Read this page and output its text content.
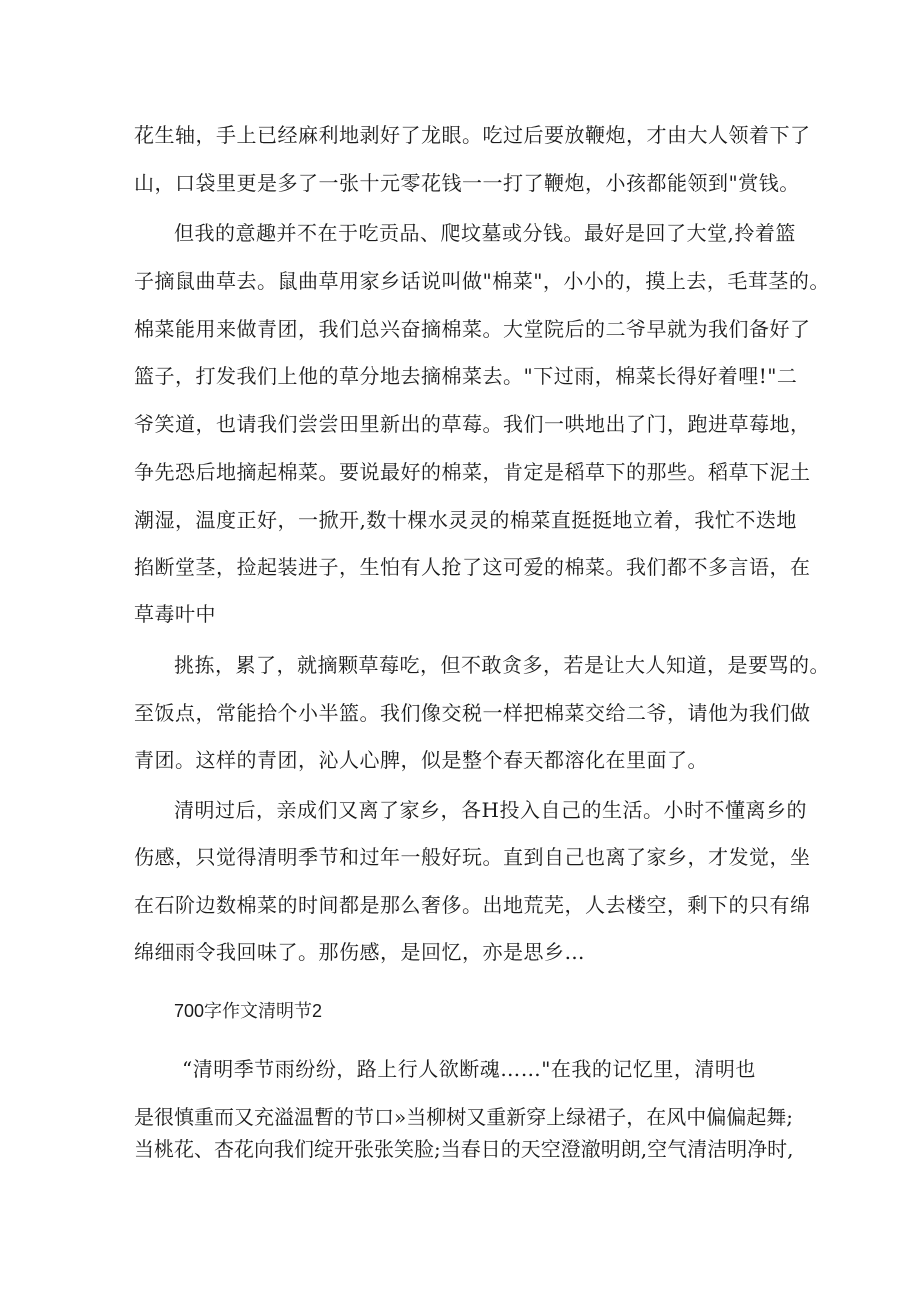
花生轴，手上已经麻利地剥好了龙眼。吃过后要放鞭炮，才由大人领着下了
山，口袋里更是多了一张十元零花钱一一打了鞭炮，小孩都能领到"赏钱。
但我的意趣并不在于吃贡品、爬坟墓或分钱。最好是回了大堂,拎着篮
子摘鼠曲草去。鼠曲草用家乡话说叫做"棉菜"，小小的，摸上去，毛茸茎的。
棉菜能用来做青团，我们总兴奋摘棉菜。大堂院后的二爷早就为我们备好了
篮子，打发我们上他的草分地去摘棉菜去。"下过雨，棉菜长得好着哩!"二
爷笑道，也请我们尝尝田里新出的草莓。我们一哄地出了门，跑进草莓地，
争先恐后地摘起棉菜。要说最好的棉菜，肯定是稻草下的那些。稻草下泥土
潮湿，温度正好，一掀开,数十棵水灵灵的棉菜直挺挺地立着，我忙不迭地
掐断堂茎，捡起装进子，生怕有人抢了这可爱的棉菜。我们都不多言语，在
草毒叶中
挑拣，累了，就摘颗草莓吃，但不敢贪多，若是让大人知道，是要骂的。
至饭点，常能拾个小半篮。我们像交税一样把棉菜交给二爷，请他为我们做
青团。这样的青团，沁人心脾，似是整个春天都溶化在里面了。
清明过后，亲成们又离了家乡，各H投入自己的生活。小时不懂离乡的
伤感，只觉得清明季节和过年一般好玩。直到自己也离了家乡，才发觉，坐
在石阶边数棉菜的时间都是那么奢侈。出地荒芜，人去楼空，剩下的只有绵
绵细雨令我回味了。那伤感，是回忆，亦是思乡…
700字作文清明节2
“清明季节雨纷纷，路上行人欲断魂……"在我的记忆里，清明也
是很慎重而又充溢温暫的节口»当柳树又重新穿上绿裙子，在风中偏偏起舞;
当桃花、杏花向我们绽开张张笑脸;当春日的天空澄澈明朗,空气清洁明净时,
